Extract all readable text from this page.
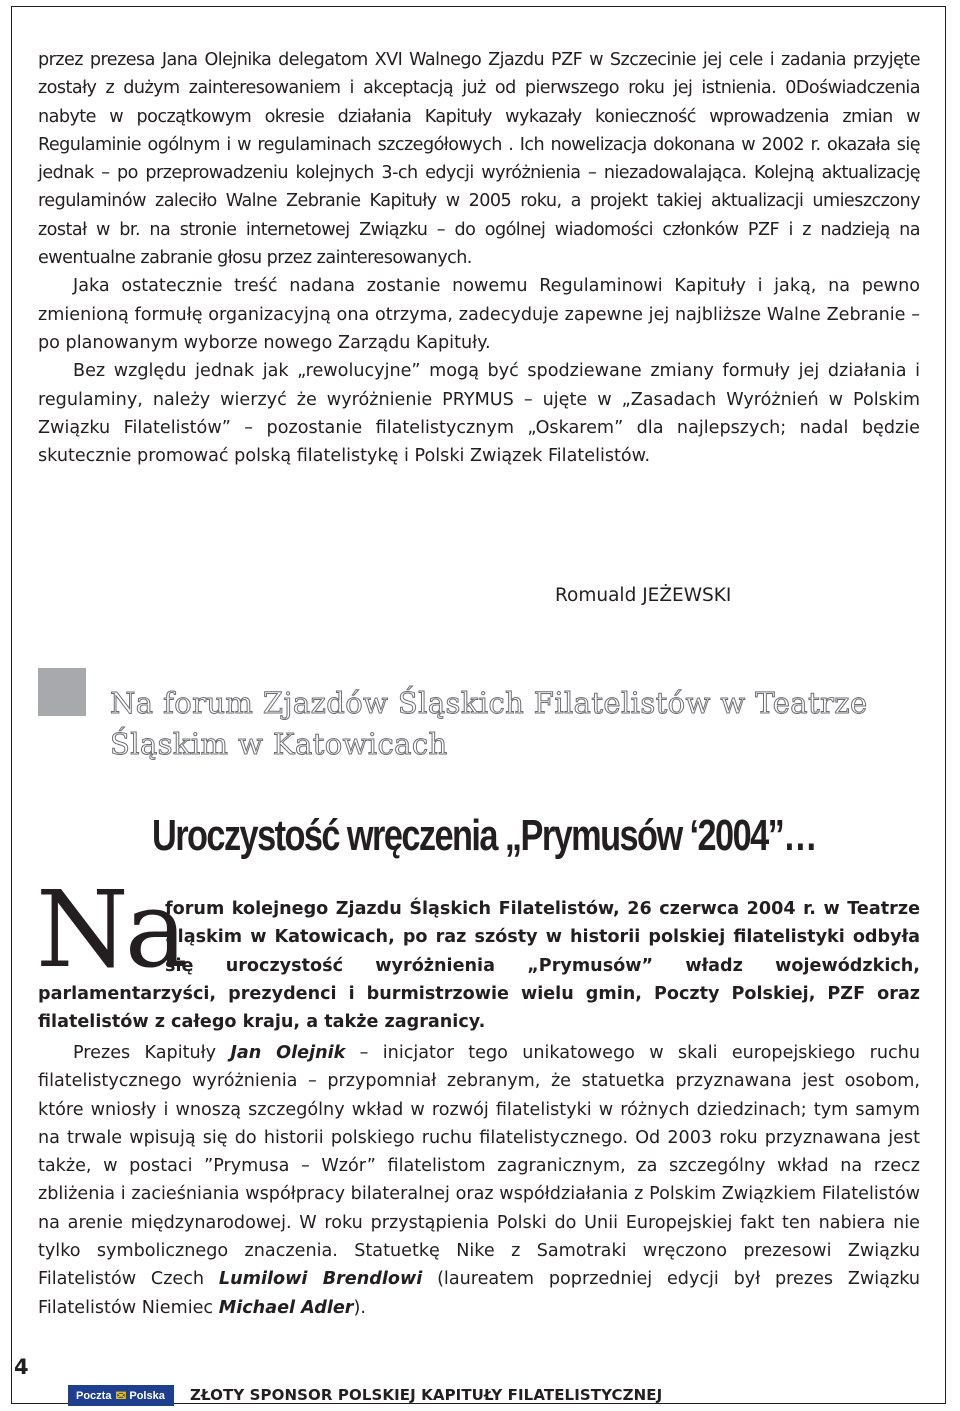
przez prezesa Jana Olejnika delegatom XVI Walnego Zjazdu PZF w Szczecinie jej cele i zadania przyjęte zostały z dużym zainteresowaniem i akceptacją już od pierwszego roku jej istnienia. 0Doświadczenia nabyte w początkowym okresie działania Kapituły wykazały konieczność wprowadzenia zmian w Regulaminie ogólnym i w regulaminach szczegółowych . Ich nowelizacja dokonana w 2002 r. okazała się jednak – po przeprowadzeniu kolejnych 3-ch edycji wyróżnienia – niezadowalająca. Kolejną aktualizację regulaminów zaleciło Walne Zebranie Kapituły w 2005 roku, a projekt takiej aktualizacji umieszczony został w br. na stronie internetowej Związku – do ogólnej wiadomości członków PZF i z nadzieją na ewentualne zabranie głosu przez zainteresowanych.

Jaka ostatecznie treść nadana zostanie nowemu Regulaminowi Kapituły i jaką, na pewno zmienioną formułę organizacyjną ona otrzyma, zadecyduje zapewne jej najbliższe Walne Zebranie – po planowanym wyborze nowego Zarządu Kapituły.

Bez względu jednak jak „rewolucyjne” mogą być spodziewane zmiany formuły jej działania i regulaminy, należy wierzyć że wyróżnienie PRYMUS – ujęte w „Zasadach Wyróżnień w Polskim Związku Filatelistów” – pozostanie filatelistycznym „Oskarem” dla najlepszych; nadal będzie skutecznie promować polską filatelistykę i Polski Związek Filatelistów.

Romuald JEŻEWSKI

Na forum Zjazdów Śląskich Filatelistów w Teatrze Śląskim w Katowicach
Uroczystość wręczenia „Prymusów ‘2004”…

Na

forum kolejnego Zjazdu Śląskich Filatelistów, 26 czerwca 2004 r. w Teatrze Śląskim w Katowicach, po raz szósty w historii polskiej filatelistyki odbyła się uroczystość wyróżnienia „Prymusów” władz wojewódzkich, parlamentarzyści, prezydenci i burmistrzowie wielu gmin, Poczty Polskiej, PZF oraz filatelistów z całego kraju, a także zagranicy.

Prezes Kapituły Jan Olejnik – inicjator tego unikatowego w skali europejskiego ruchu filatelistycznego wyróżnienia – przypomniał zebranym, że statuetka przyznawana jest osobom, które wniosły i wnoszą szczególny wkład w rozwój filatelistyki w różnych dziedzinach; tym samym na trwale wpisują się do historii polskiego ruchu filatelistycznego. Od 2003 roku przyznawana jest także, w postaci ”Prymusa – Wzór” filatelistom zagranicznym, za szczególny wkład na rzecz zbliżenia i zacieśniania współpracy bilateralnej oraz współdziałania z Polskim Związkiem Filatelistów na arenie międzynarodowej. W roku przystąpienia Polski do Unii Europejskiej fakt ten nabiera nie tylko symbolicznego znaczenia. Statuetkę Nike z Samotraki wręczono prezesowi Związku Filatelistów Czech Lumilowi Brendlowi (laureatem poprzedniej edycji był prezes Związku Filatelistów Niemiec Michael Adler).

4

Poczta ✉ Polska ZŁOTY SPONSOR POLSKIEJ KAPITUŁY FILATELISTYCZNEJ
